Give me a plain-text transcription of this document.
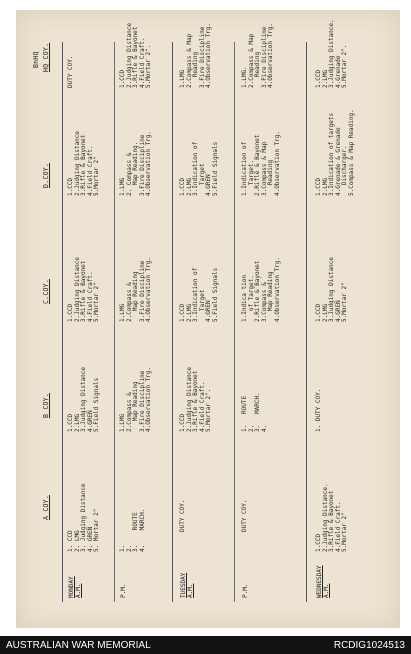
A COY.
B COY.
C.COY.
D.COY.
BnHQ HQ COY.
MONDAY
A.M.
1. CCD 2. LMG 3. Judging Distance 4. GREN 5. Mortar 2"
1.CCD 2.LMG 3.Judging Distance 4.GREN 5.Field Signals
1.CCD 2.Judging Distance 3.Rifle & Bayonet 4.Field Craft. 5.Mortar 2"
1.CCD 2.Judging Distance 3.Rifle & Bayonet 4.Field Craft. 5.Mortar 2"
DUTY COY.
P.M.
1. 2. 3.    ROUTE 4.    MARCH.
1.LMG 2.Compass & Map Reading 3.Fire Discipline 4.Observation Trg.
1.LMG 2.Compass & Map Reading 3.Fire Discipline 4.Observation Trg.
1.LMG 2. Compass & Map Reading. 3.Fire Discipline 4.Observation Trg.
1.CCD 2.Judging Distance 3.Rifle & Bayonet 4.Field Craft. 5.Mortar 2".
TUESDAY
A.M.
DUTY COY.
1.CCD 2.Judging Distance 3.Rifle & Bayonet 4.Field Craft. 5.Mortar 2".
1.CCD 2.LMG 3.Indication of Target 4.GREN 5.Field Signals
1.CCD 2.LMG 3.Indication of Target 4.GREN 5.Field Signals
1.LMG 2.Compass & Map Reading 3.Fire Discipline 4.Observation Trg.
P.M.
DUTY COY.
1.   ROUTE 2. 3.   MARCH. 4.
1.Indica tion of Target. 2.Rifle & Bayonet 3.Compass & Map Reading 4.Observation Trg.
1.Indication of Target. 2.Rifle & Bayonet 3.Compass & Map Reading 4.Observation Trg.
1.LMG. 2.Compass & Map Reading 3.Fire Discipline 4.Observation Trg.
WEDNESDAY
A.M.
1.CCD 2.Judging Distance. 3.Rifle & Bayonet 4.Field Craft. 5.Mortar 2"
1. DUTY COY.
1.CCD 2.LMG 3.Judging Distance 4.GREN 5.Mortar 2"
1.CCD 2.LMG 3.Indication of targets 4.Grenade & Grenade Discharger. 5.Compass & Map Reading.
1.CCD 2.LMG 3.Judging Distance. 4.Grenade 5.Mortar 2".
AUSTRALIAN WAR MEMORIAL	RCDIG1024513
